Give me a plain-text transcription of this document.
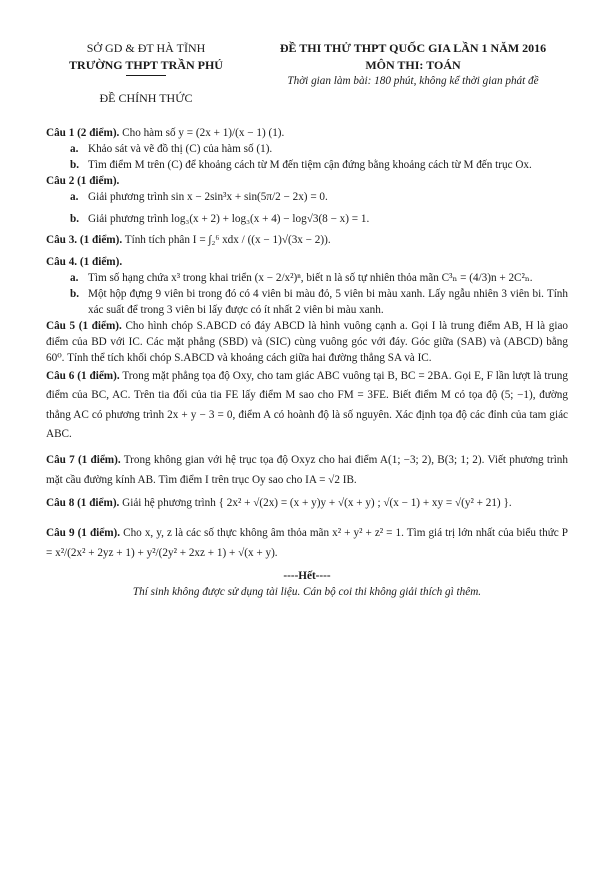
SỞ GD & ĐT HÀ TĨNH
TRƯỜNG THPT TRẦN PHÚ
ĐỀ CHÍNH THỨC
ĐỀ THI THỬ THPT QUỐC GIA LẦN 1 NĂM 2016
MÔN THI: TOÁN
Thời gian làm bài: 180 phút, không kể thời gian phát đề

Câu 1 (2 điểm). Cho hàm số y = (2x + 1)/(x − 1) (1).

a. Khảo sát và vẽ đồ thị (C) của hàm số (1).
b. Tìm điểm M trên (C) để khoảng cách từ M đến tiệm cận đứng bằng khoảng cách từ M đến trục Ox.

Câu 2 (1 điểm).

a. Giải phương trình sin x − 2sin³x + sin(5π/2 − 2x) = 0.
b. Giải phương trình log₃(x + 2) + log₃(x + 4) − log√3(8 − x) = 1.

Câu 3. (1 điểm). Tính tích phân I = ∫₂⁶ xdx / ((x − 1)√(3x − 2)).

Câu 4. (1 điểm).

a. Tìm số hạng chứa x³ trong khai triển (x − 2/x²)ⁿ, biết n là số tự nhiên thỏa mãn C³ₙ = (4/3)n + 2C²ₙ.
b. Một hộp đựng 9 viên bi trong đó có 4 viên bi màu đỏ, 5 viên bi màu xanh. Lấy ngẫu nhiên 3 viên bi. Tính xác suất để trong 3 viên bi lấy được có ít nhất 2 viên bi màu xanh.

Câu 5 (1 điểm). Cho hình chóp S.ABCD có đáy ABCD là hình vuông cạnh a. Gọi I là trung điểm AB, H là giao điểm của BD với IC. Các mặt phẳng (SBD) và (SIC) cùng vuông góc với đáy. Góc giữa (SAB) và (ABCD) bằng 60⁰. Tính thể tích khối chóp S.ABCD và khoảng cách giữa hai đường thẳng SA và IC.

Câu 6 (1 điểm). Trong mặt phẳng tọa độ Oxy, cho tam giác ABC vuông tại B, BC = 2BA. Gọi E, F lần lượt là trung điểm của BC, AC. Trên tia đối của tia FE lấy điểm M sao cho FM = 3FE. Biết điểm M có tọa độ (5; −1), đường thẳng AC có phương trình 2x + y − 3 = 0, điểm A có hoành độ là số nguyên. Xác định tọa độ các đỉnh của tam giác ABC.

Câu 7 (1 điểm). Trong không gian với hệ trục tọa độ Oxyz cho hai điểm A(1; −3; 2), B(3; 1; 2). Viết phương trình mặt cầu đường kính AB. Tìm điểm I trên trục Oy sao cho IA = √2 IB.

Câu 8 (1 điểm). Giải hệ phương trình { 2x² + √(2x) = (x + y)y + √(x + y) ; √(x − 1) + xy = √(y² + 21) }.

Câu 9 (1 điểm). Cho x, y, z là các số thực không âm thỏa mãn x² + y² + z² = 1. Tìm giá trị lớn nhất của biểu thức P = x²/(2x² + 2yz + 1) + y²/(2y² + 2xz + 1) + √(x + y).

----Hết----
Thí sinh không được sử dụng tài liệu. Cán bộ coi thi không giải thích gì thêm.
